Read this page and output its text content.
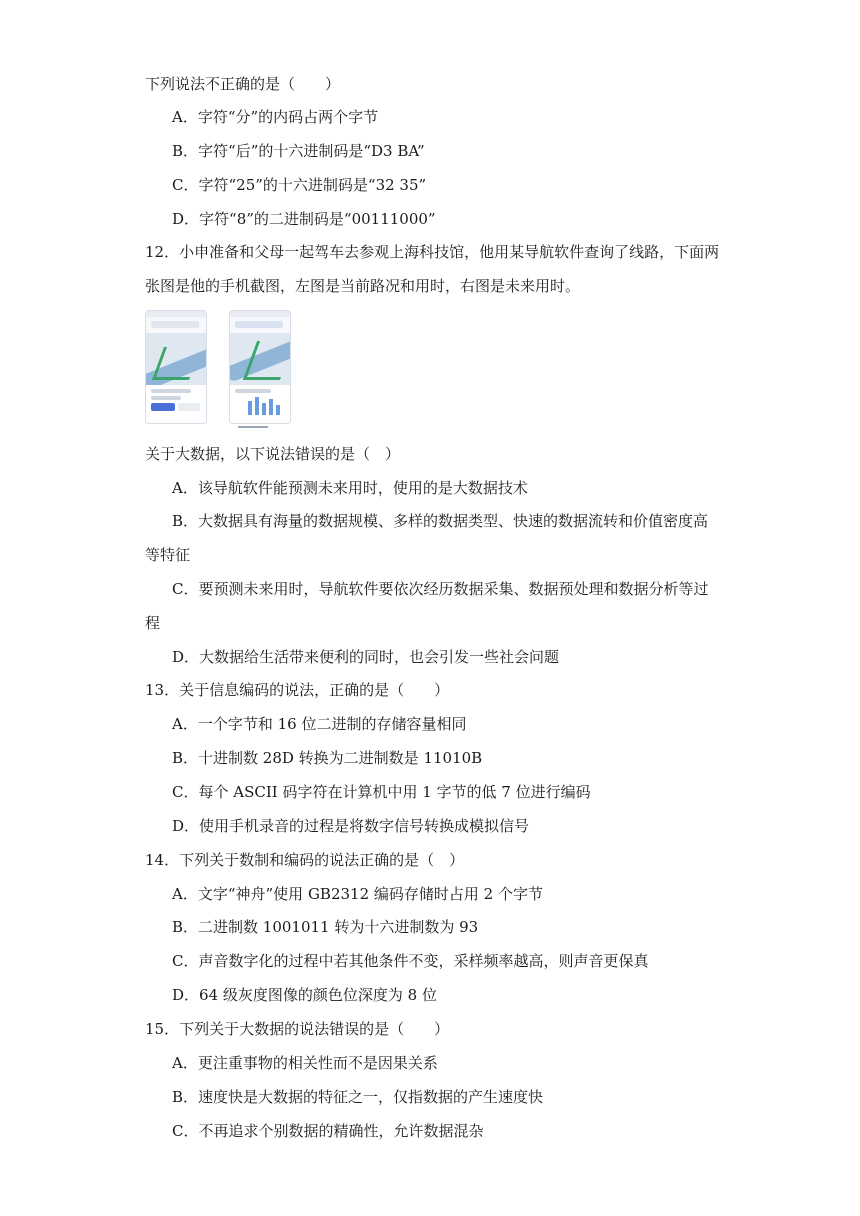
下列说法不正确的是（　　）
A．字符“分”的内码占两个字节
B．字符“后”的十六进制码是“D3 BA”
C．字符“25”的十六进制码是“32 35”
D．字符“8”的二进制码是“00111000”
12．小申准备和父母一起驾车去参观上海科技馆，他用某导航软件查询了线路，下面两
张图是他的手机截图，左图是当前路况和用时，右图是未来用时。
关于大数据，以下说法错误的是（　）
A．该导航软件能预测未来用时，使用的是大数据技术
B．大数据具有海量的数据规模、多样的数据类型、快速的数据流转和价值密度高
等特征
C．要预测未来用时，导航软件要依次经历数据采集、数据预处理和数据分析等过
程
D．大数据给生活带来便利的同时，也会引发一些社会问题
13．关于信息编码的说法，正确的是（　　）
A．一个字节和 16 位二进制的存储容量相同
B．十进制数 28D 转换为二进制数是 11010B
C．每个 ASCII 码字符在计算机中用 1 字节的低 7 位进行编码
D．使用手机录音的过程是将数字信号转换成模拟信号
14．下列关于数制和编码的说法正确的是（　）
A．文字“神舟”使用 GB2312 编码存储时占用 2 个字节
B．二进制数 1001011 转为十六进制数为 93
C．声音数字化的过程中若其他条件不变，采样频率越高，则声音更保真
D．64 级灰度图像的颜色位深度为 8 位
15．下列关于大数据的说法错误的是（　　）
A．更注重事物的相关性而不是因果关系
B．速度快是大数据的特征之一，仅指数据的产生速度快
C．不再追求个别数据的精确性，允许数据混杂
